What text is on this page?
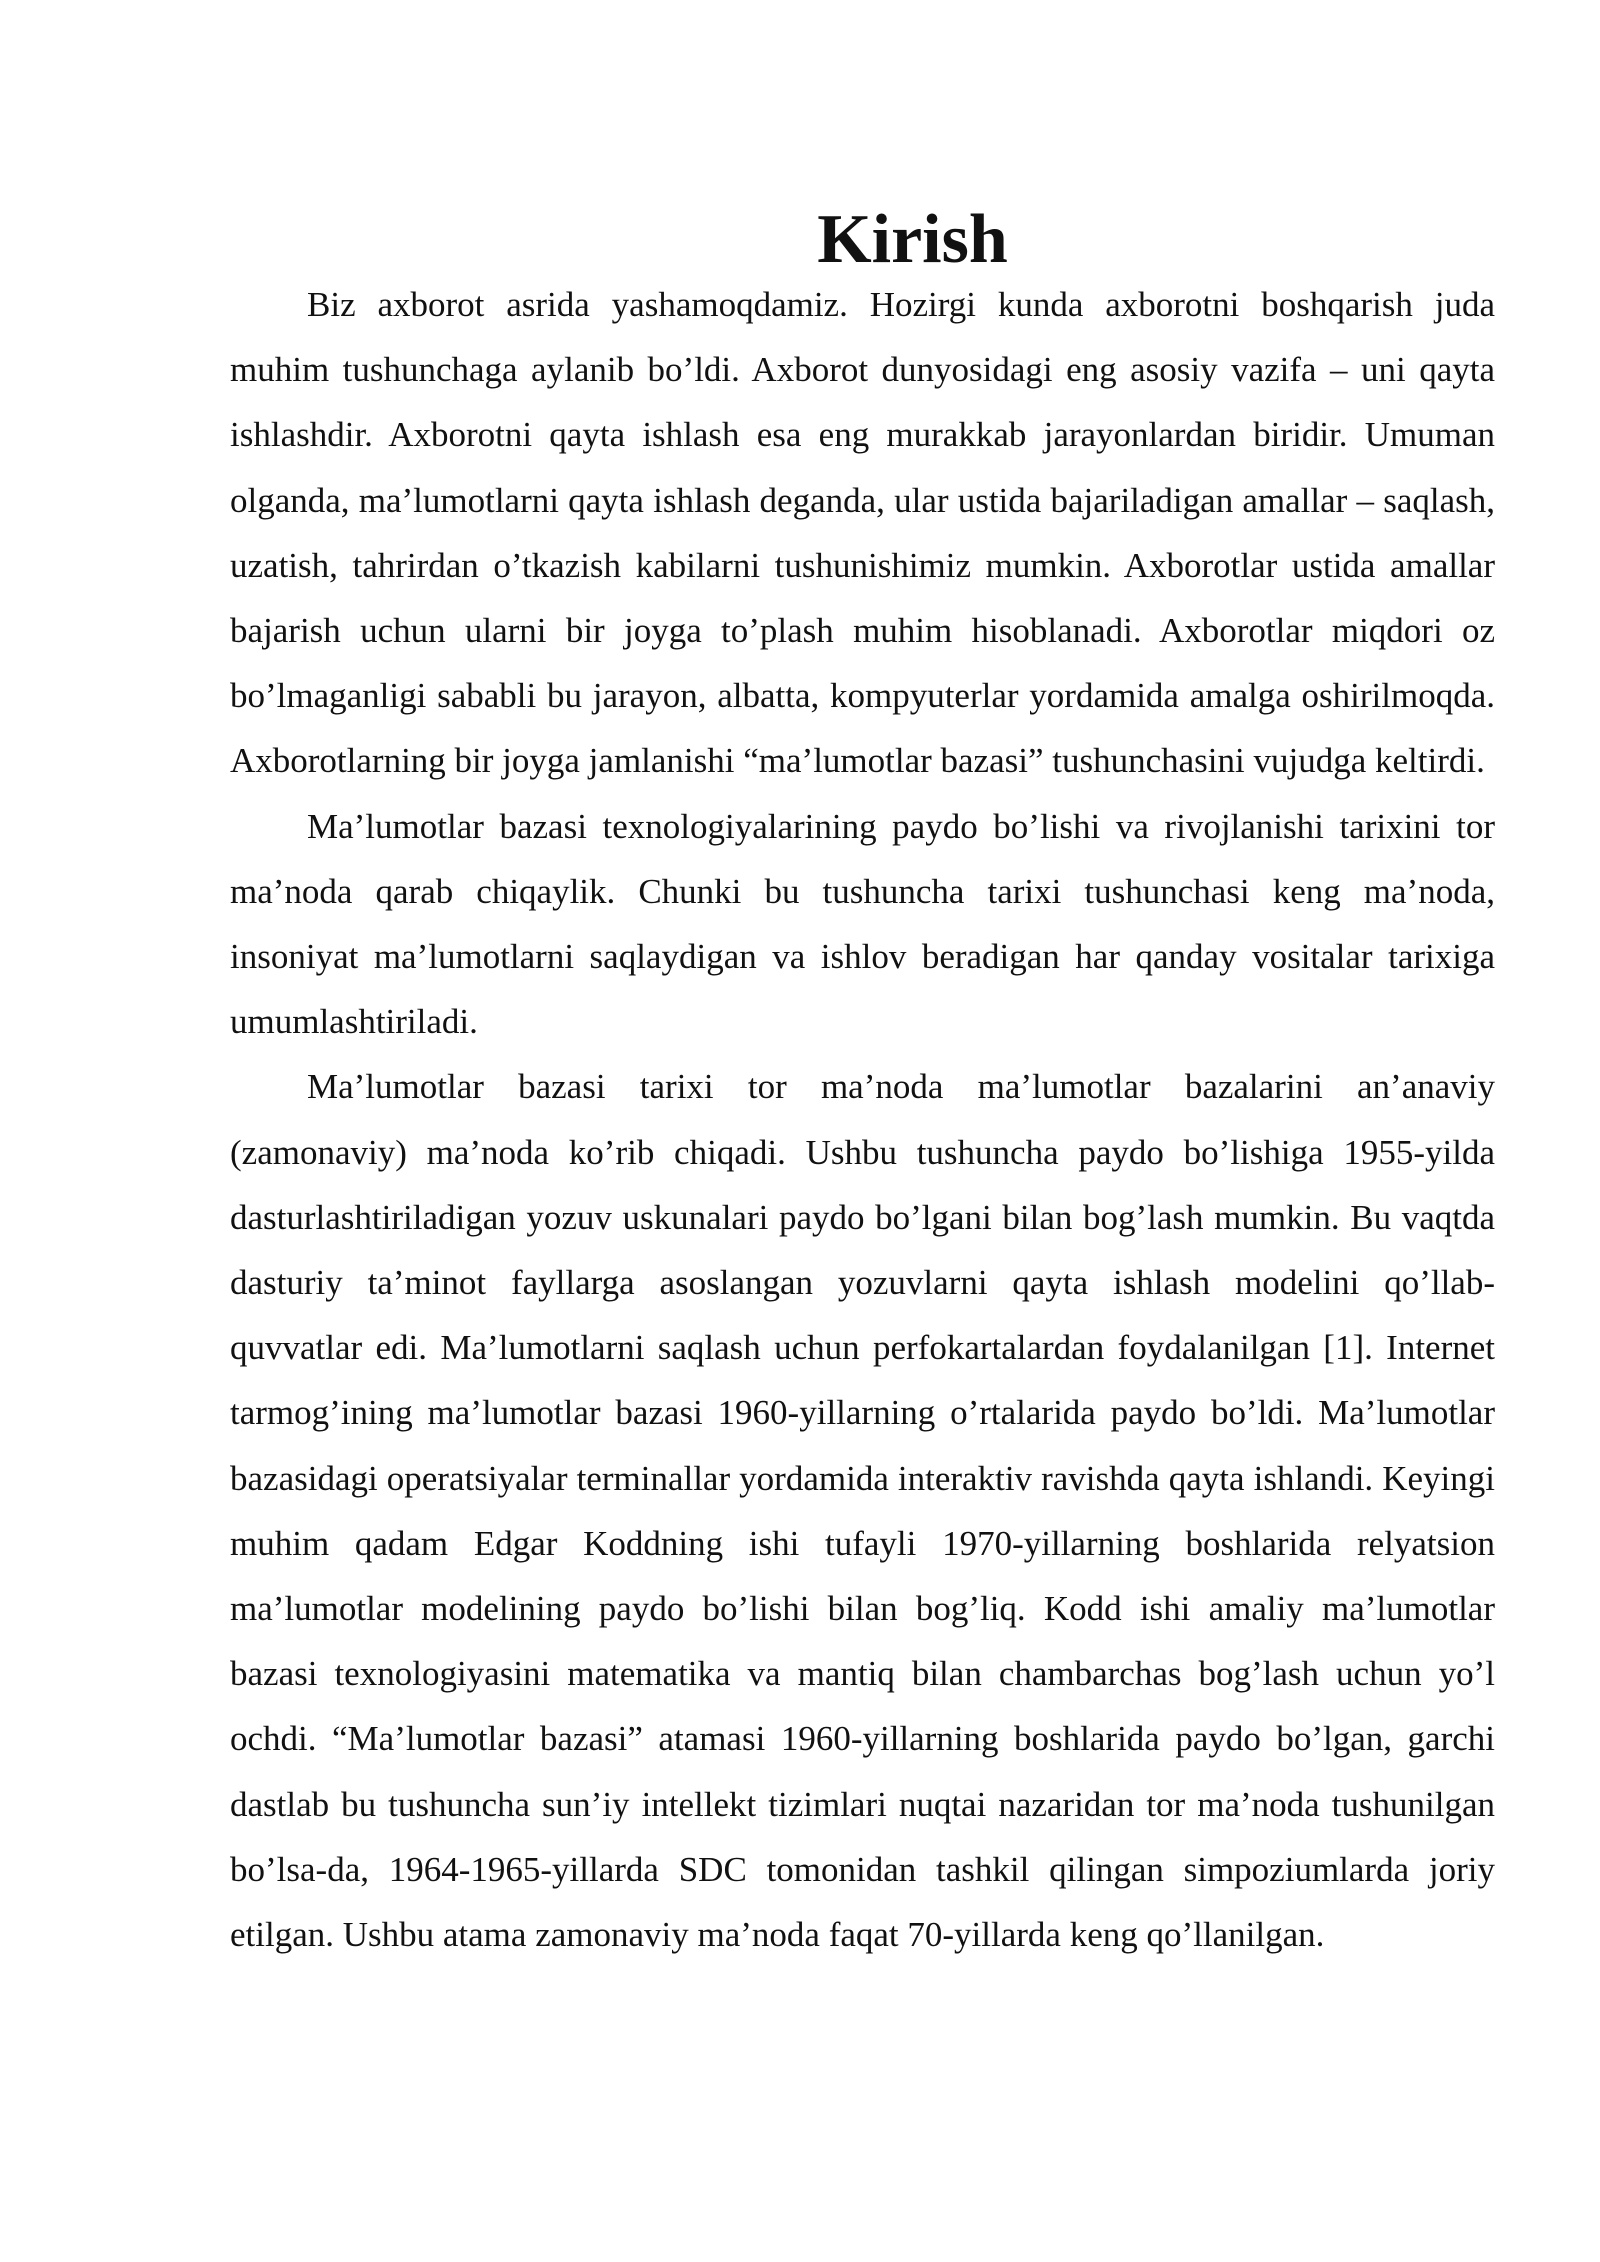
Kirish

Biz axborot asrida yashamoqdamiz. Hozirgi kunda axborotni boshqarish juda muhim tushunchaga aylanib bo’ldi. Axborot dunyosidagi eng asosiy vazifa – uni qayta ishlashdir. Axborotni qayta ishlash esa eng murakkab jarayonlardan biridir. Umuman olganda, ma’lumotlarni qayta ishlash deganda, ular ustida bajariladigan amallar – saqlash, uzatish, tahrirdan o’tkazish kabilarni tushunishimiz mumkin. Axborotlar ustida amallar bajarish uchun ularni bir joyga to’plash muhim hisoblanadi. Axborotlar miqdori oz bo’lmaganligi sababli bu jarayon, albatta, kompyuterlar yordamida amalga oshirilmoqda. Axborotlarning bir joyga jamlanishi “ma’lumotlar bazasi” tushunchasini vujudga keltirdi.

Ma’lumotlar bazasi texnologiyalarining paydo bo’lishi va rivojlanishi tarixini tor ma’noda qarab chiqaylik. Chunki bu tushuncha tarixi tushunchasi keng ma’noda, insoniyat ma’lumotlarni saqlaydigan va ishlov beradigan har qanday vositalar tarixiga umumlashtiriladi.

Ma’lumotlar bazasi tarixi tor ma’noda ma’lumotlar bazalarini an’anaviy (zamonaviy) ma’noda ko’rib chiqadi. Ushbu tushuncha paydo bo’lishiga 1955-yilda dasturlashtiriladigan yozuv uskunalari paydo bo’lgani bilan bog’lash mumkin. Bu vaqtda dasturiy ta’minot fayllarga asoslangan yozuvlarni qayta ishlash modelini qo’llab-quvvatlar edi. Ma’lumotlarni saqlash uchun perfokartalardan foydalanilgan [1]. Internet tarmog’ining ma’lumotlar bazasi 1960-yillarning o’rtalarida paydo bo’ldi. Ma’lumotlar bazasidagi operatsiyalar terminallar yordamida interaktiv ravishda qayta ishlandi. Keyingi muhim qadam Edgar Koddning ishi tufayli 1970-yillarning boshlarida relyatsion ma’lumotlar modelining paydo bo’lishi bilan bog’liq. Kodd ishi amaliy ma’lumotlar bazasi texnologiyasini matematika va mantiq bilan chambarchas bog’lash uchun yo’l ochdi. “Ma’lumotlar bazasi” atamasi 1960-yillarning boshlarida paydo bo’lgan, garchi dastlab bu tushuncha sun’iy intellekt tizimlari nuqtai nazaridan tor ma’noda tushunilgan bo’lsa-da, 1964-1965-yillarda SDC tomonidan tashkil qilingan simpoziumlarda joriy etilgan. Ushbu atama zamonaviy ma’noda faqat 70-yillarda keng qo’llanilgan.
